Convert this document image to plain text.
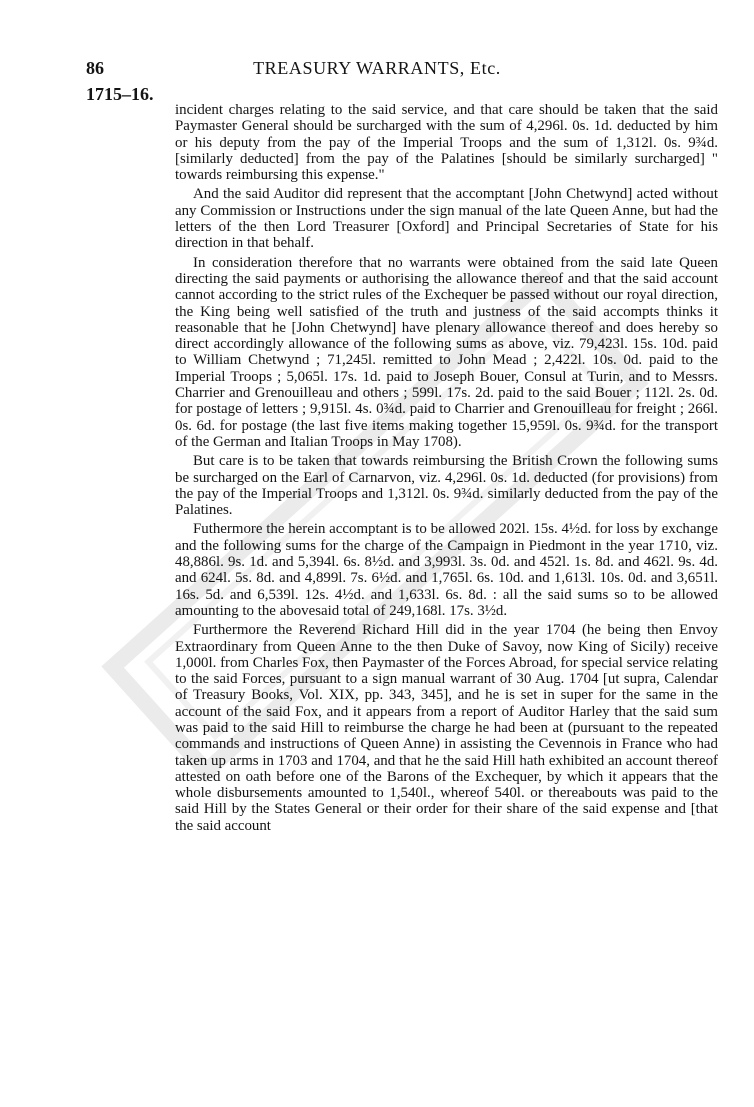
86	TREASURY WARRANTS, Etc.
1715–16.

incident charges relating to the said service, and that care should be taken that the said Paymaster General should be surcharged with the sum of 4,296l. 0s. 1d. deducted by him or his deputy from the pay of the Imperial Troops and the sum of 1,312l. 0s. 9¾d. [similarly deducted] from the pay of the Palatines [should be similarly surcharged] " towards reimbursing this expense."

And the said Auditor did represent that the accomptant [John Chetwynd] acted without any Commission or Instructions under the sign manual of the late Queen Anne, but had the letters of the then Lord Treasurer [Oxford] and Principal Secretaries of State for his direction in that behalf.

In consideration therefore that no warrants were obtained from the said late Queen directing the said payments or authorising the allowance thereof and that the said account cannot according to the strict rules of the Exchequer be passed without our royal direction, the King being well satisfied of the truth and justness of the said accompts thinks it reasonable that he [John Chetwynd] have plenary allowance thereof and does hereby so direct accordingly allowance of the following sums as above, viz. 79,423l. 15s. 10d. paid to William Chetwynd ; 71,245l. remitted to John Mead ; 2,422l. 10s. 0d. paid to the Imperial Troops ; 5,065l. 17s. 1d. paid to Joseph Bouer, Consul at Turin, and to Messrs. Charrier and Grenouilleau and others ; 599l. 17s. 2d. paid to the said Bouer ; 112l. 2s. 0d. for postage of letters ; 9,915l. 4s. 0¾d. paid to Charrier and Grenouilleau for freight ; 266l. 0s. 6d. for postage (the last five items making together 15,959l. 0s. 9¾d. for the transport of the German and Italian Troops in May 1708).

But care is to be taken that towards reimbursing the British Crown the following sums be surcharged on the Earl of Carnarvon, viz. 4,296l. 0s. 1d. deducted (for provisions) from the pay of the Imperial Troops and 1,312l. 0s. 9¾d. similarly deducted from the pay of the Palatines.

Futhermore the herein accomptant is to be allowed 202l. 15s. 4½d. for loss by exchange and the following sums for the charge of the Campaign in Piedmont in the year 1710, viz. 48,886l. 9s. 1d. and 5,394l. 6s. 8½d. and 3,993l. 3s. 0d. and 452l. 1s. 8d. and 462l. 9s. 4d. and 624l. 5s. 8d. and 4,899l. 7s. 6½d. and 1,765l. 6s. 10d. and 1,613l. 10s. 0d. and 3,651l. 16s. 5d. and 6,539l. 12s. 4½d. and 1,633l. 6s. 8d. : all the said sums so to be allowed amounting to the abovesaid total of 249,168l. 17s. 3½d.

Furthermore the Reverend Richard Hill did in the year 1704 (he being then Envoy Extraordinary from Queen Anne to the then Duke of Savoy, now King of Sicily) receive 1,000l. from Charles Fox, then Paymaster of the Forces Abroad, for special service relating to the said Forces, pursuant to a sign manual warrant of 30 Aug. 1704 [ut supra, Calendar of Treasury Books, Vol. XIX, pp. 343, 345], and he is set in super for the same in the account of the said Fox, and it appears from a report of Auditor Harley that the said sum was paid to the said Hill to reimburse the charge he had been at (pursuant to the repeated commands and instructions of Queen Anne) in assisting the Cevennois in France who had taken up arms in 1703 and 1704, and that he the said Hill hath exhibited an account thereof attested on oath before one of the Barons of the Exchequer, by which it appears that the whole disbursements amounted to 1,540l., whereof 540l. or thereabouts was paid to the said Hill by the States General or their order for their share of the said expense and [that the said account
